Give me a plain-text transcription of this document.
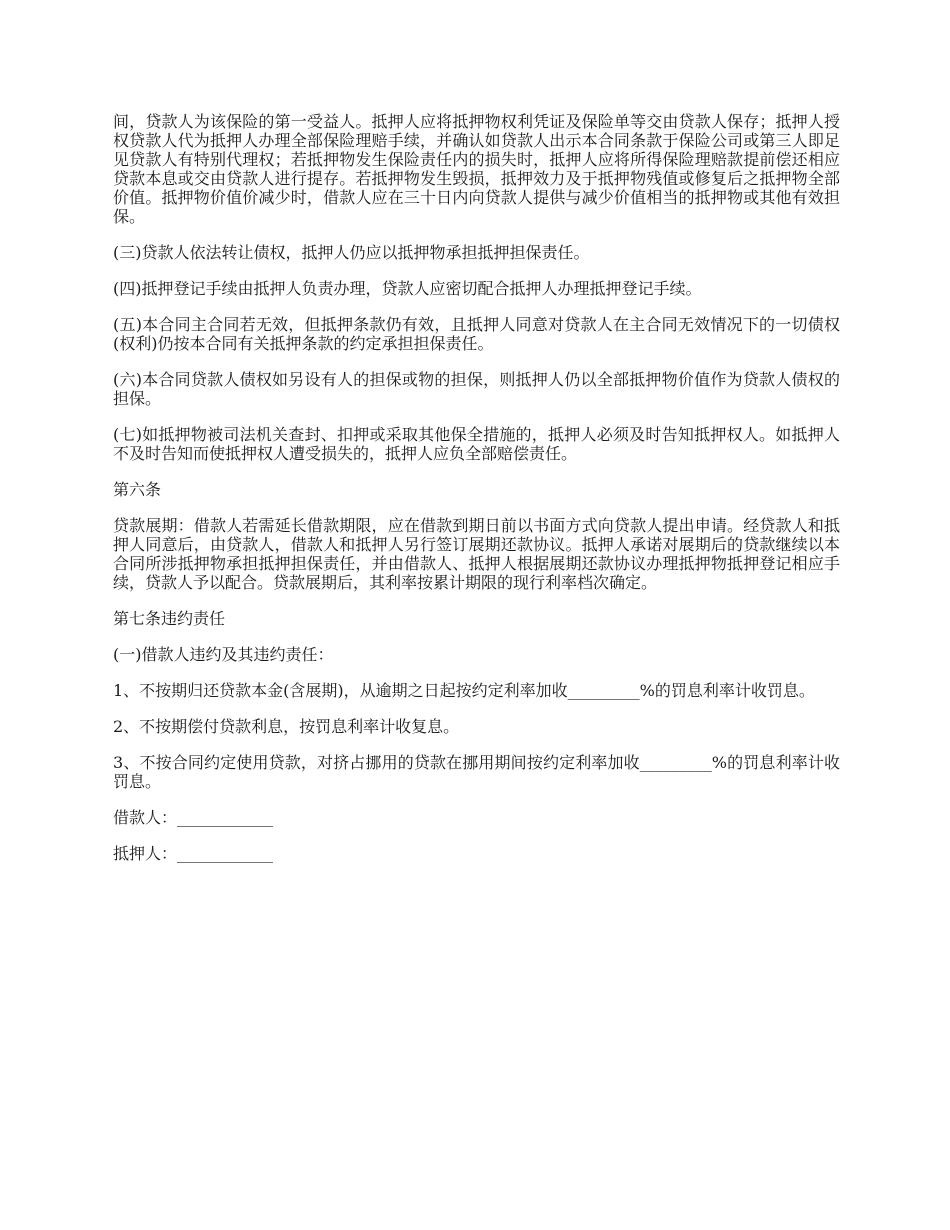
间，贷款人为该保险的第一受益人。抵押人应将抵押物权利凭证及保险单等交由贷款人保存；抵押人授权贷款人代为抵押人办理全部保险理赔手续，并确认如贷款人出示本合同条款于保险公司或第三人即足见贷款人有特别代理权；若抵押物发生保险责任内的损失时，抵押人应将所得保险理赔款提前偿还相应贷款本息或交由贷款人进行提存。若抵押物发生毁损，抵押效力及于抵押物残值或修复后之抵押物全部价值。抵押物价值价减少时，借款人应在三十日内向贷款人提供与减少价值相当的抵押物或其他有效担保。

(三)贷款人依法转让债权，抵押人仍应以抵押物承担抵押担保责任。

(四)抵押登记手续由抵押人负责办理，贷款人应密切配合抵押人办理抵押登记手续。

(五)本合同主合同若无效，但抵押条款仍有效，且抵押人同意对贷款人在主合同无效情况下的一切债权(权利)仍按本合同有关抵押条款的约定承担担保责任。

(六)本合同贷款人债权如另设有人的担保或物的担保，则抵押人仍以全部抵押物价值作为贷款人债权的担保。

(七)如抵押物被司法机关查封、扣押或采取其他保全措施的，抵押人必须及时告知抵押权人。如抵押人不及时告知而使抵押权人遭受损失的，抵押人应负全部赔偿责任。

第六条

贷款展期：借款人若需延长借款期限，应在借款到期日前以书面方式向贷款人提出申请。经贷款人和抵押人同意后，由贷款人，借款人和抵押人另行签订展期还款协议。抵押人承诺对展期后的贷款继续以本合同所涉抵押物承担抵押担保责任，并由借款人、抵押人根据展期还款协议办理抵押物抵押登记相应手续，贷款人予以配合。贷款展期后，其利率按累计期限的现行利率档次确定。

第七条违约责任

(一)借款人违约及其违约责任：

1、不按期归还贷款本金(含展期)，从逾期之日起按约定利率加收_________%的罚息利率计收罚息。

2、不按期偿付贷款利息，按罚息利率计收复息。

3、不按合同约定使用贷款，对挤占挪用的贷款在挪用期间按约定利率加收_________%的罚息利率计收罚息。

借款人：____________

抵押人：____________
